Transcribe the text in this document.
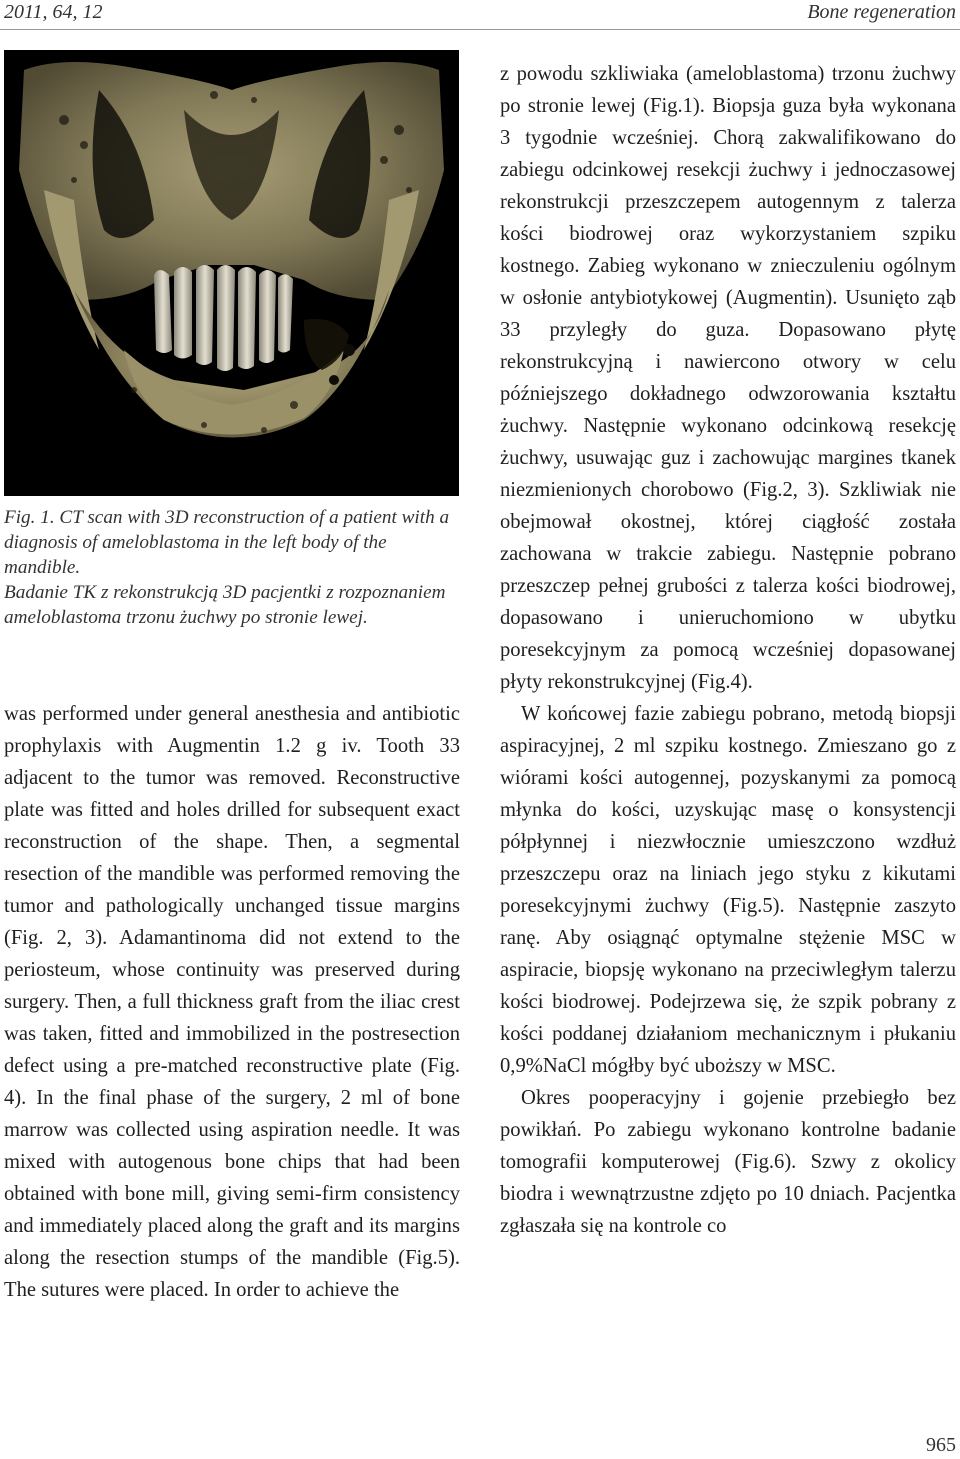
2011, 64, 12	Bone regeneration

Fig. 1. CT scan with 3D reconstruction of a patient with a diagnosis of ameloblastoma in the left body of the mandible.

Badanie TK z rekonstrukcją 3D pacjentki z rozpoznaniem ameloblastoma trzonu żuchwy po stronie lewej.

was performed under general anesthesia and antibiotic prophylaxis with Augmentin 1.2 g iv. Tooth 33 adjacent to the tumor was removed. Reconstructive plate was fitted and holes drilled for subsequent exact reconstruction of the shape. Then, a segmental resection of the mandible was performed removing the tumor and pathologically unchanged tissue margins (Fig. 2, 3). Adamantinoma did not extend to the periosteum, whose continuity was preserved during surgery. Then, a full thickness graft from the iliac crest was taken, fitted and immobilized in the postresection defect using a pre-matched reconstructive plate (Fig. 4). In the final phase of the surgery, 2 ml of bone marrow was collected using aspiration needle. It was mixed with autogenous bone chips that had been obtained with bone mill, giving semi-firm consistency and immediately placed along the graft and its margins along the resection stumps of the mandible (Fig.5). The sutures were placed. In order to achieve the

z powodu szkliwiaka (ameloblastoma) trzonu żuchwy po stronie lewej (Fig.1). Biopsja guza była wykonana 3 tygodnie wcześniej. Chorą zakwalifikowano do zabiegu odcinkowej resekcji żuchwy i jednoczasowej rekonstrukcji przeszczepem autogennym z talerza kości biodrowej oraz wykorzystaniem szpiku kostnego. Zabieg wykonano w znieczuleniu ogólnym w osłonie antybiotykowej (Augmentin). Usunięto ząb 33 przyległy do guza. Dopasowano płytę rekonstrukcyjną i nawiercono otwory w celu późniejszego dokładnego odwzorowania kształtu żuchwy. Następnie wykonano odcinkową resekcję żuchwy, usuwając guz i zachowując margines tkanek niezmienionych chorobowo (Fig.2, 3). Szkliwiak nie obejmował okostnej, której ciągłość została zachowana w trakcie zabiegu. Następnie pobrano przeszczep pełnej grubości z talerza kości biodrowej, dopasowano i unieruchomiono w ubytku poresekcyjnym za pomocą wcześniej dopasowanej płyty rekonstrukcyjnej (Fig.4).

W końcowej fazie zabiegu pobrano, metodą biopsji aspiracyjnej, 2 ml szpiku kostnego. Zmieszano go z wiórami kości autogennej, pozyskanymi za pomocą młynka do kości, uzyskując masę o konsystencji półpłynnej i niezwłocznie umieszczono wzdłuż przeszczepu oraz na liniach jego styku z kikutami poresekcyjnymi żuchwy (Fig.5). Następnie zaszyto ranę. Aby osiągnąć optymalne stężenie MSC w aspiracie, biopsję wykonano na przeciwległym talerzu kości biodrowej. Podejrzewa się, że szpik pobrany z kości poddanej działaniom mechanicznym i płukaniu 0,9%NaCl mógłby być uboższy w MSC.

Okres pooperacyjny i gojenie przebiegło bez powikłań. Po zabiegu wykonano kontrolne badanie tomografii komputerowej (Fig.6). Szwy z okolicy biodra i wewnątrzustne zdjęto po 10 dniach. Pacjentka zgłaszała się na kontrole co

965
